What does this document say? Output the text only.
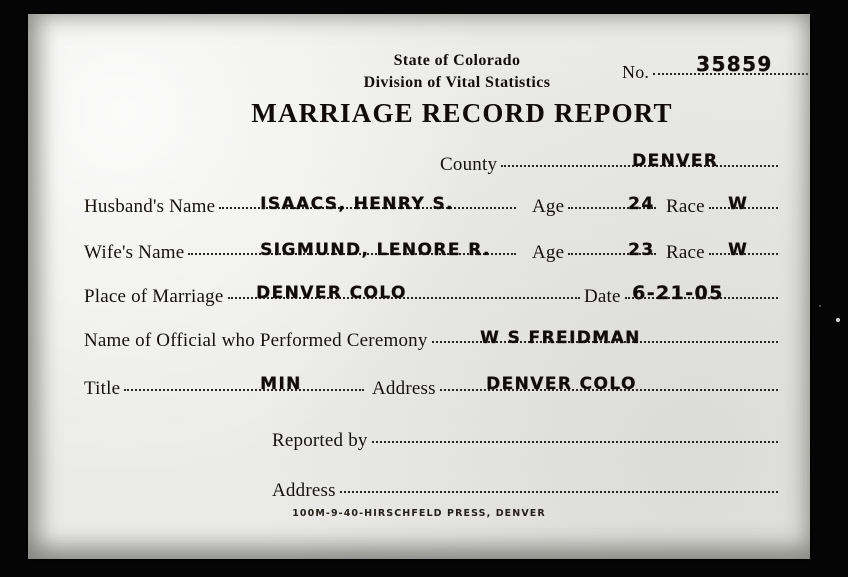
State of Colorado
Division of Vital Statistics
MARRIAGE RECORD REPORT
No. 35859
County	DENVER
Husband's Name	ISAACS, HENRY S.	Age	24 Race W
Wife's Name	SIGMUND, LENORE R. Age	23 Race W
Place of Marriage DENVER COLO	Date 6-21-05
Name of Official who Performed Ceremony	W S FREIDMAN
Title	MIN	Address	DENVER COLO
Reported by
Address
100M-9-40-HIRSCHFELD PRESS, DENVER
